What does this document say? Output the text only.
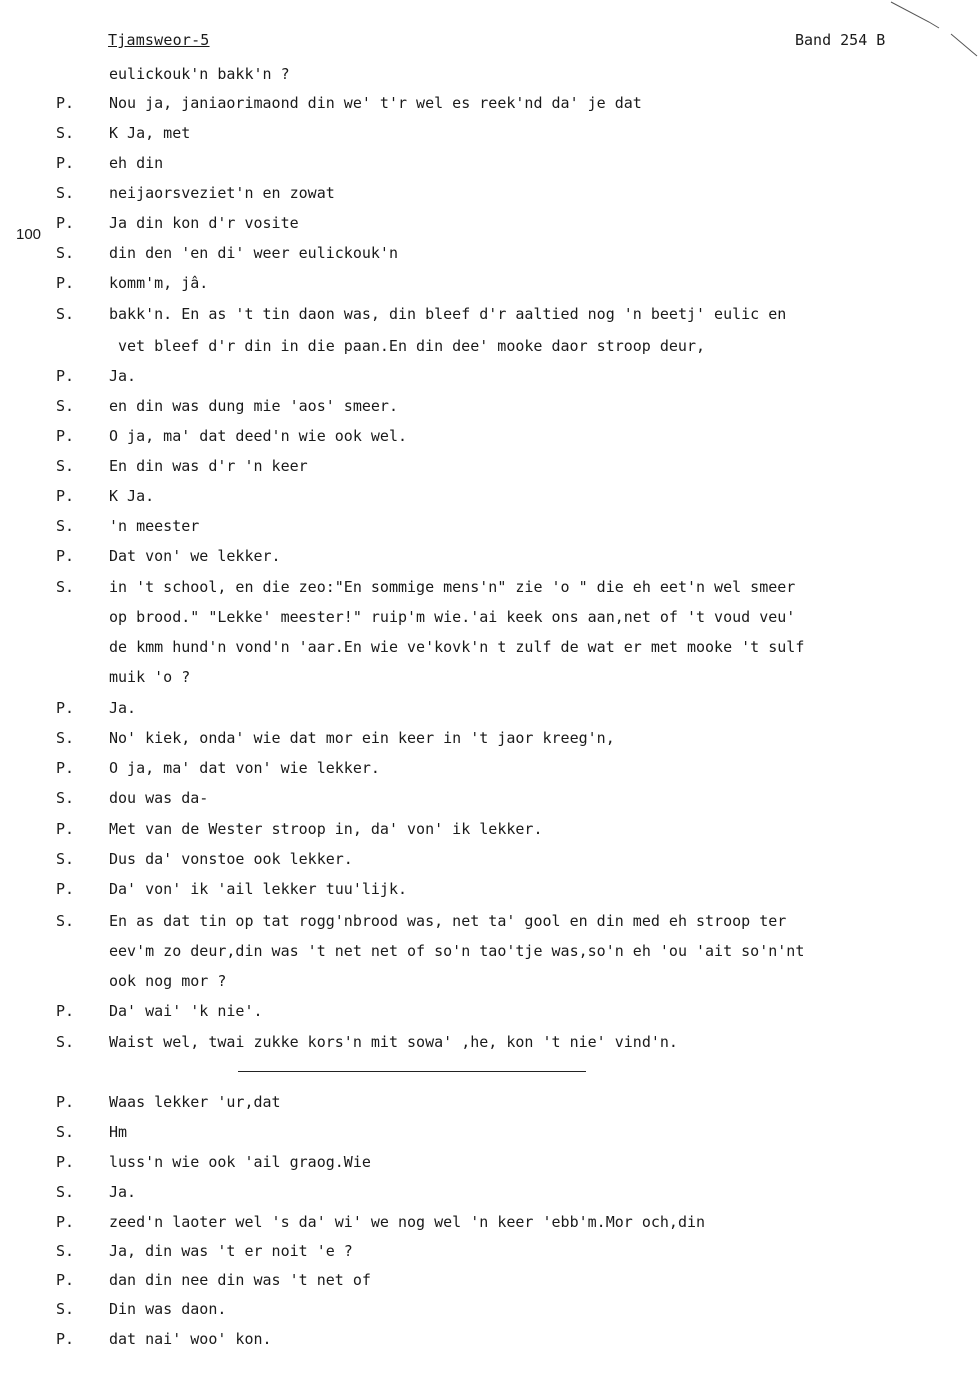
Tjamsweor-5	Band 254 B
100
eulickouk'n bakk'n ?
P. Nou ja, janiaorimaond din we' t'r wel es reek'nd da' je dat
S. K Ja, met
P. eh din
S. neijaorsveziet'n en zowat
P. Ja din kon d'r vosite
S. din den 'en di' weer eulickouk'n
P. komm'm, jâ.
S. bakk'n. En as 't tin daon was, din bleef d'r aaltied nog 'n beetj' eulic en
vet bleef d'r din in die paan.En din dee' mooke daor stroop deur,
P. Ja.
S. en din was dung mie 'aos' smeer.
P. O ja, ma' dat deed'n wie ook wel.
S. En din was d'r 'n keer
P. K Ja.
S. 'n meester
P. Dat von' we lekker.
S. in 't school, en die zeo:"En sommige mens'n" zie 'o " die eh eet'n wel smeer
op brood." "Lekke' meester!" ruip'm wie.'ai keek ons aan,net of 't voud veu'
de kmm hund'n vond'n 'aar.En wie ve'kovk'n t zulf de wat er met mooke 't sulf
muik 'o ?
P. Ja.
S. No' kiek, onda' wie dat mor ein keer in 't jaor kreeg'n,
P. O ja, ma' dat von' wie lekker.
S. dou was da-
P. Met van de Wester stroop in, da' von' ik lekker.
S. Dus da' vonstoe ook lekker.
P. Da' von' ik 'ail lekker tuu'lijk.
S. En as dat tin op tat rogg'nbrood was, net ta' gool en din med eh stroop ter
eev'm zo deur,din was 't net net of so'n tao'tje was,so'n eh 'ou 'ait so'n'nt
ook nog mor ?
P. Da' wai' 'k nie'.
S. Waist wel, twai zukke kors'n mit sowa' ,he, kon 't nie' vind'n.
P. Waas lekker 'ur,dat
S. Hm
P. luss'n wie ook 'ail graog.Wie
S. Ja.
P. zeed'n laoter wel 's da' wi' we nog wel 'n keer 'ebb'm.Mor och,din
S. Ja, din was 't er noit 'e ?
P. dan din nee din was 't net of
S. Din was daon.
P. dat nai' woo' kon.
